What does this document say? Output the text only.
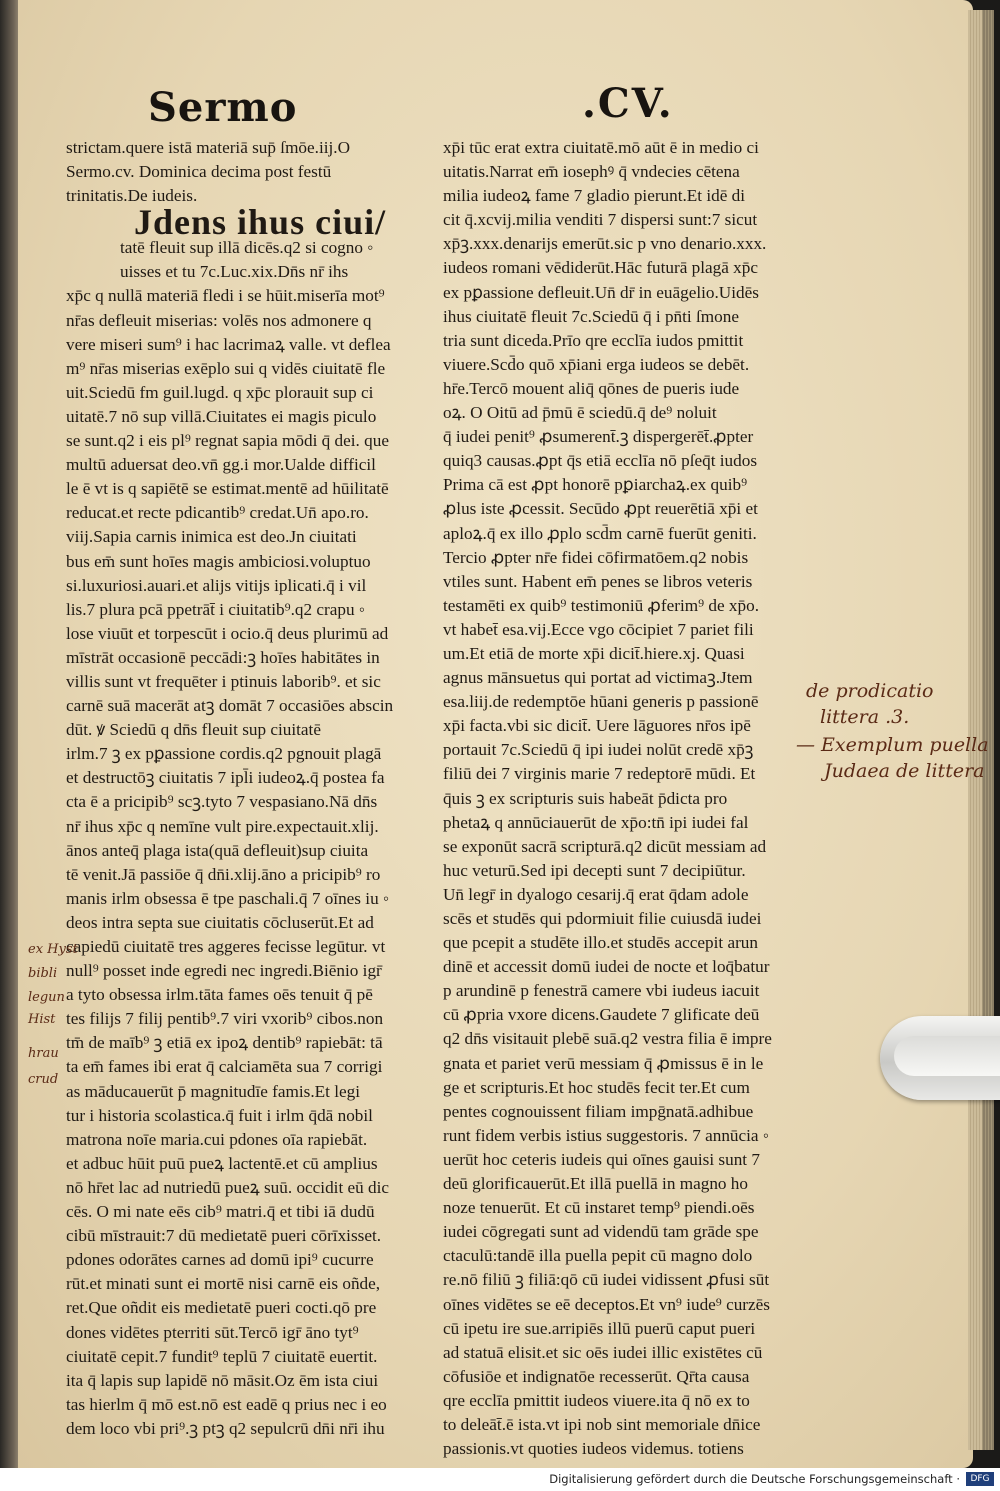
Sermo	.CV.
strictam.quere istā materiā sup̄ ſmōe.iij.O
Sermo.cv. Dominica decima post festū
trinitatis.De iudeis.
Jdens ihus ciui/
tatē fleuit sup illā dicēs.q2 si cogno ◦
uisses et tu 7c.Luc.xix.Dn̄s nr̄ ihs
xp̄c q nullā materiā fledi i se hūit.miserīa mot⁹
nr̄as defleuit miserias: volēs nos admonere q
vere miseri sum⁹ i hac lacrimaꝝ valle. vt deflea
m⁹ nr̄as miserias exēplo sui q vidēs ciuitatē fle
uit.Sciedū fm guil.lugd. q xp̄c plorauit sup ci
uitatē.7 nō sup villā.Ciuitates ei magis piculo
se sunt.q2 i eis pl⁹ regnat sapia mōdi q̄ dei. que
multū aduersat deo.vn̄ gg.i mor.Ualde difficil
le ē vt is q sapiētē se estimat.mentē ad hūilitatē
reducat.et recte pdicantib⁹ credat.Un̄ apo.ro.
viij.Sapia carnis inimica est deo.Jn ciuitati
bus em̄ sunt hoīes magis ambiciosi.voluptuo
si.luxuriosi.auari.et alijs vitijs iplicati.q̄ i vil
lis.7 plura pcā ppetrāt̄ i ciuitatib⁹.q2 crapu ◦
lose viuūt et torpescūt i ocio.q̄ deus plurimū ad
mīstrāt occasionē peccādi:ꝫ hoīes habitātes in
villis sunt vt frequēter i ptinuis laborib⁹. et sic
carnē suā macerāt atꝫ domāt 7 occasiōes abscin
dūt. ꝟ Sciedū q dn̄s fleuit sup ciuitatē
irlm.7 ꝫ ex pꝑassione cordis.q2 pgnouit plagā
et destructōꝫ ciuitatis 7 ipl̄i iudeoꝝ.q̄ postea fa
cta ē a pricipib⁹ scꝫ.tyto 7 vespasiano.Nā dn̄s
nr̄ ihus xp̄c q nemīne vult pire.expectauit.xlij.
ānos anteq̄ plaga ista(quā defleuit)sup ciuita
tē venit.Jā passiōe q̄ dn̄i.xlij.āno a pricipib⁹ ro
manis irlm obsessa ē tpe paschali.q̄ 7 oīnes iu ◦
deos intra septa sue ciuitatis cōcluserūt.Et ad
capiedū ciuitatē tres aggeres fecisse legūtur. vt
null⁹ posset inde egredi nec ingredi.Biēnio igr̄
a tyto obsessa irlm.tāta fames oēs tenuit q̄ pē
tes filijs 7 filij pentib⁹.7 viri vxorib⁹ cibos.non
tm̄ de maīb⁹ ꝫ etiā ex ipoꝝ dentib⁹ rapiebāt: tā
ta em̄ fames ibi erat q̄ calciamēta sua 7 corrigi
as māducauerūt p̄ magnitudīe famis.Et legi
tur i historia scolastica.q̄ fuit i irlm q̄dā nobil
matrona noīe maria.cui pdones oīa rapiebāt.
et adbuc hūit puū pueꝝ lactentē.et cū amplius
nō hr̄et lac ad nutriedū pueꝝ suū. occidit eū dic
cēs. O mi nate eēs cib⁹ matri.q̄ et tibi iā dudū
cibū mīstrauit:7 dū medietatē pueri cōrīxisset.
pdones odorātes carnes ad domū ipi⁹ cucurre
rūt.et minati sunt ei mortē nisi carnē eis oñde,
ret.Que oñdit eis medietatē pueri cocti.qō pre
dones vidētes pterriti sūt.Tercō igr̄ āno tyt⁹
ciuitatē cepit.7 fundit⁹ teplū 7 ciuitatē euertit.
ita q̄ lapis sup lapidē nō māsit.Oz ēm ista ciui
tas hierlm q̄ mō est.nō est eadē q prius nec i eo
dem loco vbi pri⁹.ꝫ ptꝫ q2 sepulcrū dn̄i nr̄i ihu
xp̄i tūc erat extra ciuitatē.mō aūt ē in medio ci
uitatis.Narrat em̄ iosephꝰ q̄ vndecies cētena
milia iudeoꝝ fame 7 gladio pierunt.Et idē di
cit q̄.xcvij.milia venditi 7 dispersi sunt:7 sicut
xp̄ꝫ.xxx.denarijs emerūt.sic p vno denario.xxx.
iudeos romani vēdiderūt.Hāc futurā plagā xp̄c
ex pꝑassione defleuit.Un̄ dr̄ in euāgelio.Uidēs
ihus ciuitatē fleuit 7c.Sciedū q̄ i pn̄ti ſmone
tria sunt diceda.Prīo qre ecclīa iudos pmittit
viuere.Scd̄o quō xp̄iani erga iudeos se debēt.
hr̄e.Tercō mouent aliq̄ qōnes de pueris iude
oꝝ. O Oitū ad p̄mū ē sciedū.q̄ de⁹ noluit
q̄ iudei penit⁹ ꝓsumerent̄.ꝫ dispergerēt̄.ꝓpter
quiq3 causas.ꝓpt q̄s etiā ecclīa nō pſeq̄t iudos
Prima cā est ꝓpt honorē pꝑiarchaꝝ.ex quib⁹
ꝓlus iste ꝓcessit. Secūdo ꝓpt reuerētiā xp̄i et
aploꝝ.q̄ ex illo ꝓplo scd̄m carnē fuerūt geniti.
Tercio ꝓpter nr̄e fidei cōfirmatōem.q2 nobis
vtiles sunt. Habent em̄ penes se libros veteris
testamēti ex quib⁹ testimoniū ꝓferim⁹ de xp̄o.
vt habet̄ esa.vij.Ecce vgo cōcipiet 7 pariet fili
um.Et etiā de morte xp̄i dicit̄.hiere.xj. Quasi
agnus mānsuetus qui portat ad victimaꝫ.Jtem
esa.liij.de redemptōe hūani generis p passionē
xp̄i facta.vbi sic dicit̄. Uere lāguores nr̄os ipē
portauit 7c.Sciedū q̄ ipi iudei nolūt credē xp̄ꝫ
filiū dei 7 virginis marie 7 redeptorē mūdi. Et
q̄uis ꝫ ex scripturis suis habeāt p̄dicta pro
phetaꝝ q annūciauerūt de xp̄o:tn̄ ipi iudei fal
se exponūt sacrā scripturā.q2 dicūt messiam ad
huc veturū.Sed ipi decepti sunt 7 decipiūtur.
Un̄ legr̄ in dyalogo cesarij.q̄ erat q̄dam adole
scēs et studēs qui pdormiuit filie cuiusdā iudei
que pcepit a studēte illo.et studēs accepit arun
dinē et accessit domū iudei de nocte et loq̄batur
p arundinē p fenestrā camere vbi iudeus iacuit
cū ꝓpria vxore dicens.Gaudete 7 glificate deū
q2 dn̄s visitauit plebē suā.q2 vestra filia ē impre
gnata et pariet verū messiam q̄ ꝓmissus ē in le
ge et scripturis.Et hoc studēs fecit ter.Et cum
pentes cognouissent filiam impḡnatā.adhibue
runt fidem verbis istius suggestoris. 7 annūcia ◦
uerūt hoc ceteris iudeis qui oīnes gauisi sunt 7
deū glorificauerūt.Et illā puellā in magno ho
noze tenuerūt. Et cū instaret temp⁹ piendi.oēs
iudei cōgregati sunt ad videndū tam grāde spe
ctaculū:tandē illa puella pepit cū magno dolo
re.nō filiū ꝫ filiā:qō cū iudei vidissent ꝓfusi sūt
oīnes vidētes se eē deceptos.Et vn⁹ iude⁹ curzēs
cū ipetu ire sue.arripiēs illū puerū caput pueri
ad statuā elisit.et sic oēs iudei illic existētes cū
cōfusiōe et indignatōe recesserūt. Qr̄ta causa
qre ecclīa pmittit iudeos viuere.ita q̄ nō ex to
to deleāt̄.ē ista.vt ipi nob sint memoriale dn̄ice
passionis.vt quoties iudeos videmus. totiens
de prodicatio
littera .3.
— Exemplum puella
Judaea de littera
ex Hyst
bibli
legun
Hist
hrau
crud
Digitalisierung gefördert durch die Deutsche Forschungsgemeinschaft ·	DFG
